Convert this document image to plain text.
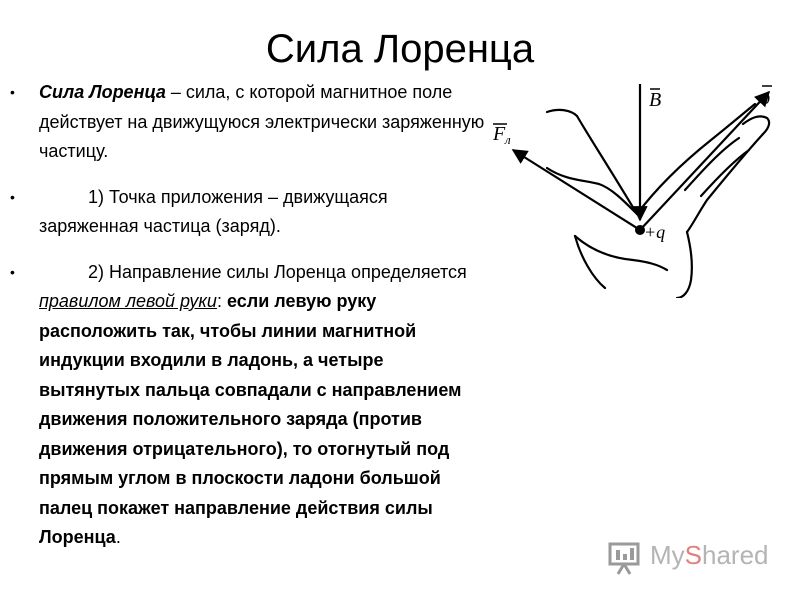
Сила Лоренца
• Сила Лоренца – сила, с которой магнитное поле действует на движущуюся электрически заряженную частицу.
•	1) Точка приложения – движущаяся заряженная частица (заряд).
•	2) Направление силы Лоренца определяется правилом левой руки: если левую руку расположить так, чтобы линии магнитной индукции входили в ладонь, а четыре вытянутых пальца совпадали с направлением движения положительного заряда (против движения отрицательного), то отогнутый под прямым углом в плоскости ладони большой палец покажет направление действия силы Лоренца.
B	υ
F л
+q
MyShared
